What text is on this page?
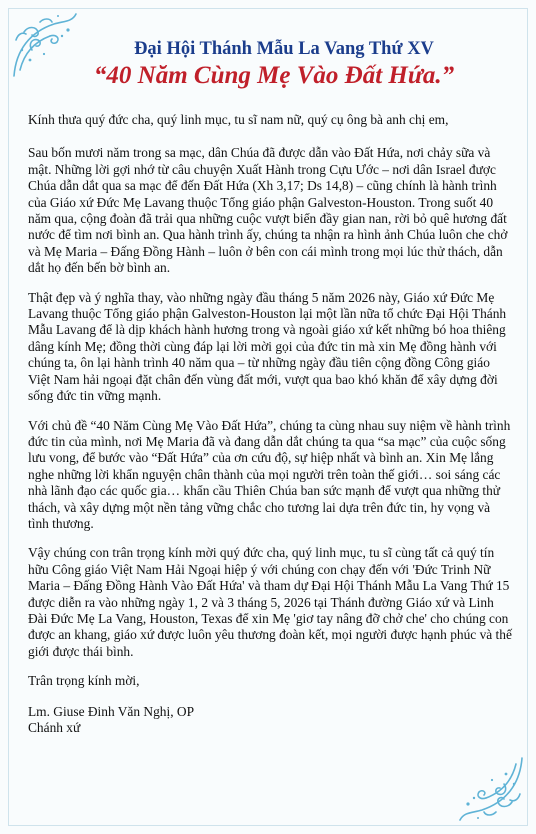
Đại Hội Thánh Mẫu La Vang Thứ XV
“40 Năm Cùng Mẹ Vào Đất Hứa.”

Kính thưa quý đức cha, quý linh mục, tu sĩ nam nữ, quý cụ ông bà anh chị em,

Sau bốn mươi năm trong sa mạc, dân Chúa đã được dẫn vào Đất Hứa, nơi chảy sữa và mật. Những lời gợi nhớ từ câu chuyện Xuất Hành trong Cựu Ước – nơi dân Israel được Chúa dẫn dắt qua sa mạc để đến Đất Hứa (Xh 3,17; Ds 14,8) – cũng chính là hành trình của Giáo xứ Đức Mẹ Lavang thuộc Tổng giáo phận Galveston-Houston. Trong suốt 40 năm qua, cộng đoàn đã trải qua những cuộc vượt biển đầy gian nan, rời bỏ quê hương đất nước để tìm nơi bình an. Qua hành trình ấy, chúng ta nhận ra hình ảnh Chúa luôn che chở và Mẹ Maria – Đấng Đồng Hành – luôn ở bên con cái mình trong mọi lúc thử thách, dẫn dắt họ đến bến bờ bình an.

Thật đẹp và ý nghĩa thay, vào những ngày đầu tháng 5 năm 2026 này, Giáo xứ Đức Mẹ Lavang thuộc Tổng giáo phận Galveston-Houston lại một lần nữa tổ chức Đại Hội Thánh Mẫu Lavang để là dịp khách hành hương trong và ngoài giáo xứ kết những bó hoa thiêng dâng kính Mẹ; đồng thời cùng đáp lại lời mời gọi của đức tin mà xin Mẹ đồng hành với chúng ta, ôn lại hành trình 40 năm qua – từ những ngày đầu tiên cộng đồng Công giáo Việt Nam hải ngoại đặt chân đến vùng đất mới, vượt qua bao khó khăn để xây dựng đời sống đức tin vững mạnh.

Với chủ đề “40 Năm Cùng Mẹ Vào Đất Hứa”, chúng ta cùng nhau suy niệm về hành trình đức tin của mình, nơi Mẹ Maria đã và đang dẫn dắt chúng ta qua “sa mạc” của cuộc sống lưu vong, để bước vào “Đất Hứa” của ơn cứu độ, sự hiệp nhất và bình an. Xin Mẹ lắng nghe những lời khẩn nguyện chân thành của mọi người trên toàn thế giới… soi sáng các nhà lãnh đạo các quốc gia… khẩn cầu Thiên Chúa ban sức mạnh để vượt qua những thử thách, và xây dựng một nền tảng vững chắc cho tương lai dựa trên đức tin, hy vọng và tình thương.

Vậy chúng con trân trọng kính mời quý đức cha, quý linh mục, tu sĩ cùng tất cả quý tín hữu Công giáo Việt Nam Hải Ngoại hiệp ý với chúng con chạy đến với 'Đức Trinh Nữ Maria – Đấng Đồng Hành Vào Đất Hứa' và tham dự Đại Hội Thánh Mẫu La Vang Thứ 15 được diễn ra vào những ngày 1, 2 và 3 tháng 5, 2026 tại Thánh đường Giáo xứ và Linh Đài Đức Mẹ La Vang, Houston, Texas để xin Mẹ 'giơ tay nâng đỡ chở che' cho chúng con được an khang, giáo xứ được luôn yêu thương đoàn kết, mọi người được hạnh phúc và thế giới được thái bình.

Trân trọng kính mời,

Lm. Giuse Đinh Văn Nghị, OP

Chánh xứ
